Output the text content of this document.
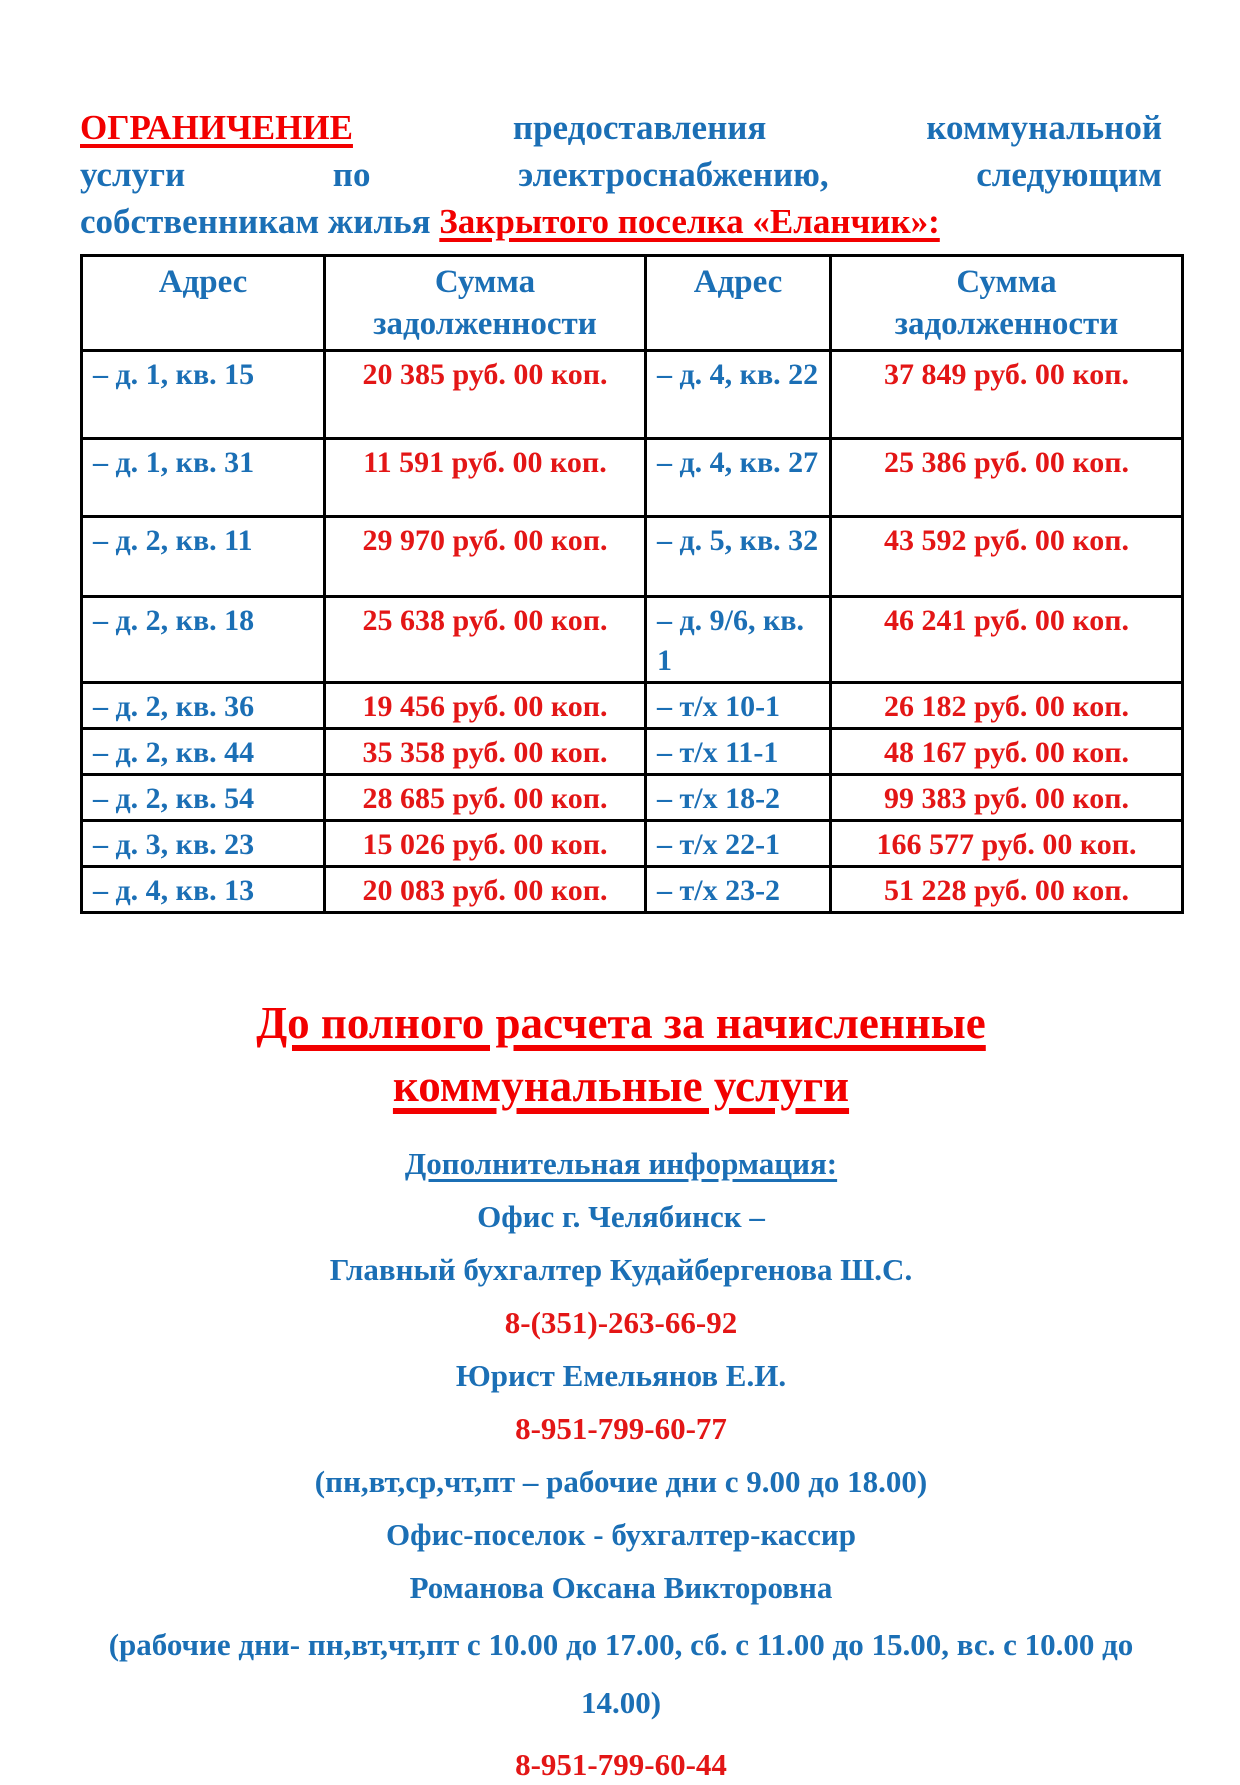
ОГРАНИЧЕНИЕ	предоставления коммунальной
услуги по электроснабжению, следующим
собственникам жилья Закрытого поселка «Еланчик»:
Адрес	Сумма задолженности	Адрес	Сумма задолженности
– д. 1, кв. 15	20 385 руб. 00 коп.	– д. 4, кв. 22	37 849 руб. 00 коп.
– д. 1, кв. 31	11 591 руб. 00 коп.	– д. 4, кв. 27	25 386 руб. 00 коп.
– д. 2, кв. 11	29 970 руб. 00 коп.	– д. 5, кв. 32	43 592 руб. 00 коп.
– д. 2, кв. 18	25 638 руб. 00 коп.	– д. 9/6, кв. 1	46 241 руб. 00 коп.
– д. 2, кв. 36	19 456 руб. 00 коп.	– т/х 10-1	26 182 руб. 00 коп.
– д. 2, кв. 44	35 358 руб. 00 коп.	– т/х 11-1	48 167 руб. 00 коп.
– д. 2, кв. 54	28 685 руб. 00 коп.	– т/х 18-2	99 383 руб. 00 коп.
– д. 3, кв. 23	15 026 руб. 00 коп.	– т/х 22-1	166 577 руб. 00 коп.
– д. 4, кв. 13	20 083 руб. 00 коп.	– т/х 23-2	51 228 руб. 00 коп.
До полного расчета за начисленные
коммунальные услуги
Дополнительная информация:
Офис г. Челябинск –
Главный бухгалтер Кудайбергенова Ш.С.
8-(351)-263-66-92
Юрист Емельянов Е.И.
8-951-799-60-77
(пн,вт,ср,чт,пт – рабочие дни с 9.00 до 18.00)
Офис-поселок - бухгалтер-кассир
Романова Оксана Викторовна
(рабочие дни- пн,вт,чт,пт с 10.00 до 17.00, сб. с 11.00 до 15.00, вс. с 10.00 до 14.00)
8-951-799-60-44
